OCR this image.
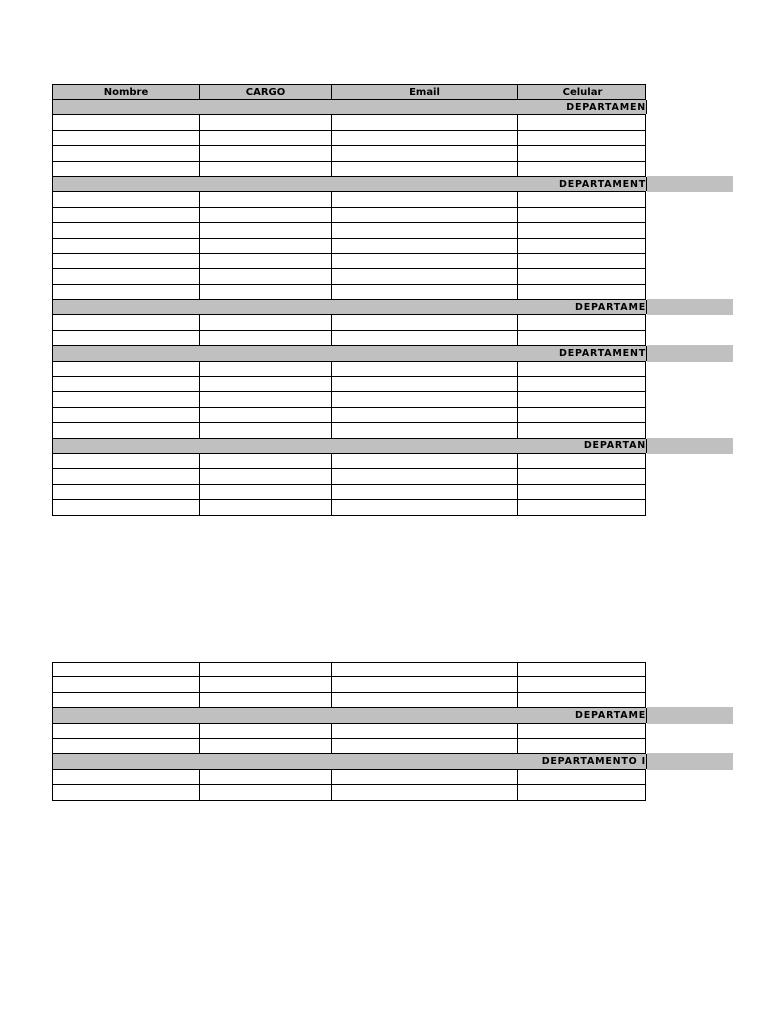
Nombre	CARGO	Email	Celular
DEPARTAMEN
DEPARTAMENT
DEPARTAME
DEPARTAMENT
DEPARTAN
DEPARTAME
DEPARTAMENTO I
